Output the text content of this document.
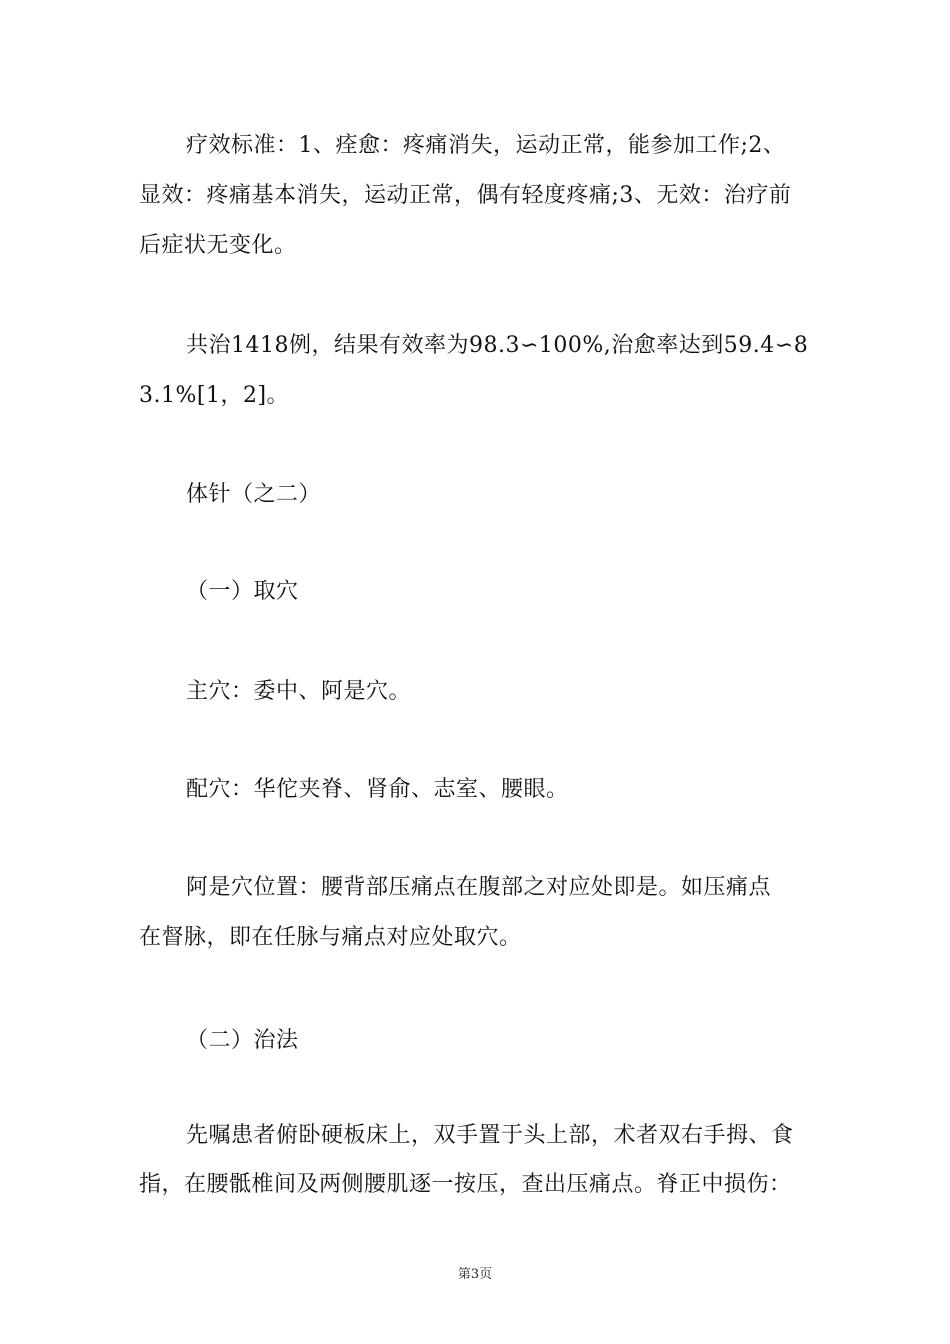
疗效标准：1、痊愈：疼痛消失，运动正常，能参加工作;2、
显效：疼痛基本消失，运动正常，偶有轻度疼痛;3、无效：治疗前
后症状无变化。
共治1418例，结果有效率为98.3∽100%,治愈率达到59.4∽8
3.1%[1，2]。
体针（之二）
（一）取穴
主穴：委中、阿是穴。
配穴：华佗夹脊、肾俞、志室、腰眼。
阿是穴位置：腰背部压痛点在腹部之对应处即是。如压痛点
在督脉，即在任脉与痛点对应处取穴。
（二）治法
先嘱患者俯卧硬板床上，双手置于头上部，术者双右手拇、食
指，在腰骶椎间及两侧腰肌逐一按压，查出压痛点。脊正中损伤：
第3页
